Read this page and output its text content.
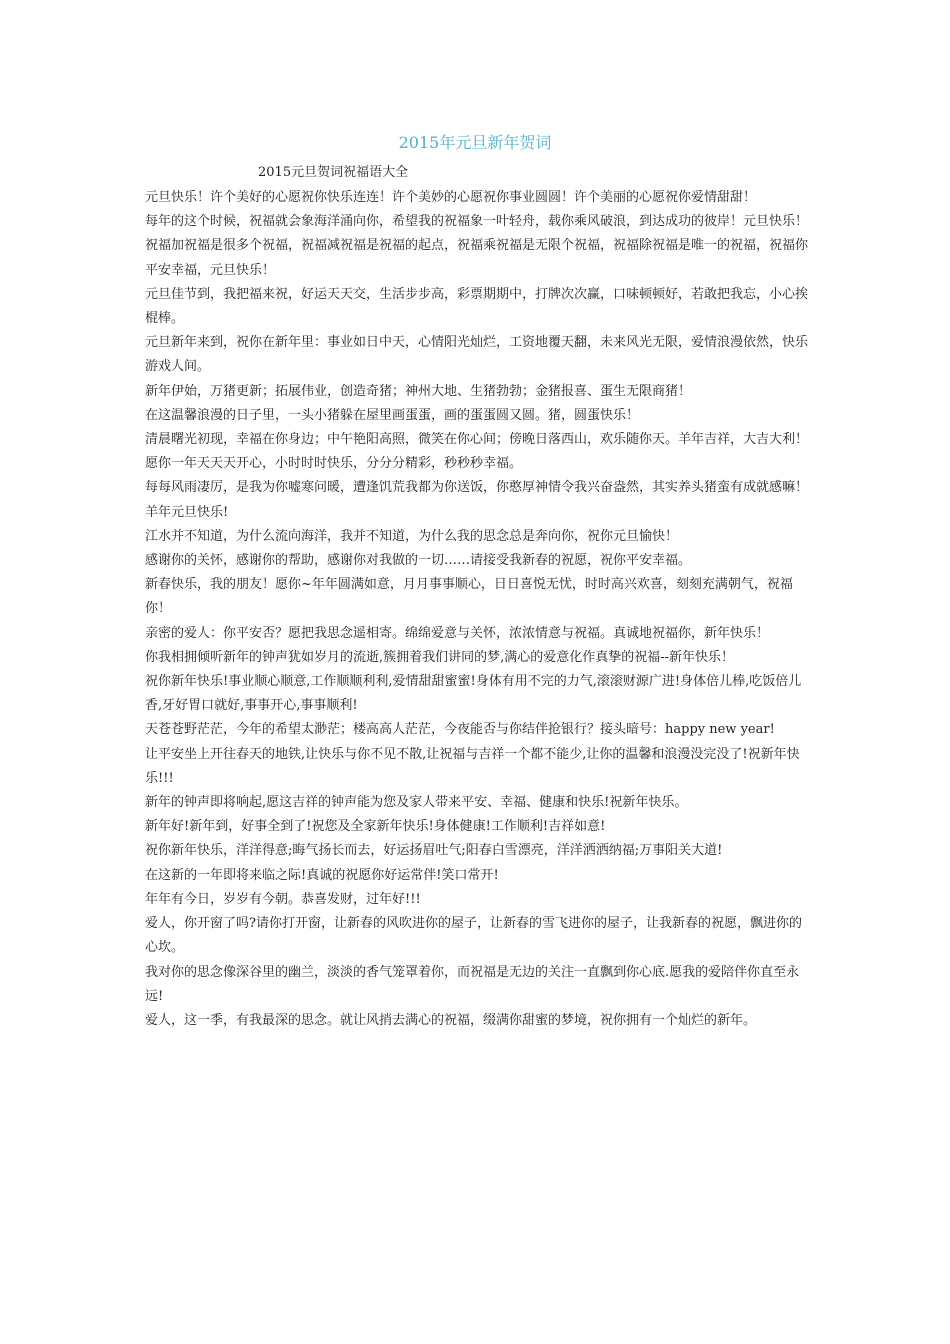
2015年元旦新年贺词
2015元旦贺词祝福语大全

元旦快乐！许个美好的心愿祝你快乐连连！许个美妙的心愿祝你事业圆圆！许个美丽的心愿祝你爱情甜甜！

每年的这个时候，祝福就会象海洋涌向你，希望我的祝福象一叶轻舟，载你乘风破浪，到达成功的彼岸！元旦快乐！

祝福加祝福是很多个祝福，祝福减祝福是祝福的起点，祝福乘祝福是无限个祝福，祝福除祝福是唯一的祝福，祝福你平安幸福，元旦快乐！

元旦佳节到，我把福来祝，好运天天交，生活步步高，彩票期期中，打牌次次赢，口味顿顿好，若敢把我忘，小心挨棍棒。

元旦新年来到，祝你在新年里：事业如日中天，心情阳光灿烂，工资地覆天翻，未来风光无限，爱情浪漫依然，快乐游戏人间。

新年伊始，万猪更新；拓展伟业，创造奇猪；神州大地、生猪勃勃；金猪报喜、蛋生无限商猪！

在这温馨浪漫的日子里，一头小猪躲在屋里画蛋蛋，画的蛋蛋圆又圆。猪，圆蛋快乐！

清晨曙光初现，幸福在你身边；中午艳阳高照，微笑在你心间；傍晚日落西山，欢乐随你天。羊年吉祥，大吉大利！

愿你一年天天天开心，小时时时快乐，分分分精彩，秒秒秒幸福。

每每风雨凄厉，是我为你嘘寒问暖，遭逢饥荒我都为你送饭，你憨厚神情令我兴奋盎然，其实养头猪蛮有成就感嘛！羊年元旦快乐!

江水并不知道，为什么流向海洋，我并不知道，为什么我的思念总是奔向你，祝你元旦愉快！

感谢你的关怀，感谢你的帮助，感谢你对我做的一切……请接受我新春的祝愿，祝你平安幸福。

新春快乐，我的朋友！愿你~年年圆满如意，月月事事顺心，日日喜悦无忧，时时高兴欢喜，刻刻充满朝气，祝福你！

亲密的爱人：你平安否？愿把我思念遥相寄。绵绵爱意与关怀，浓浓情意与祝福。真诚地祝福你，新年快乐！

你我相拥倾听新年的钟声犹如岁月的流逝,簇拥着我们讲同的梦,满心的爱意化作真挚的祝福--新年快乐！

祝你新年快乐!事业顺心顺意,工作顺顺利利,爱情甜甜蜜蜜!身体有用不完的力气,滚滚财源广进!身体倍儿棒,吃饭倍儿香,牙好胃口就好,事事开心,事事顺利!

天苍苍野茫茫，今年的希望太渺茫；楼高高人茫茫，今夜能否与你结伴抢银行？接头暗号：happy new year!

让平安坐上开往春天的地铁,让快乐与你不见不散,让祝福与吉祥一个都不能少,让你的温馨和浪漫没完没了!祝新年快乐!!!

新年的钟声即将响起,愿这吉祥的钟声能为您及家人带来平安、幸福、健康和快乐!祝新年快乐。

新年好!新年到，好事全到了!祝您及全家新年快乐!身体健康!工作顺利!吉祥如意!

祝你新年快乐，洋洋得意;晦气扬长而去，好运扬眉吐气;阳春白雪漂亮，洋洋洒洒纳福;万事阳关大道!

在这新的一年即将来临之际!真诚的祝愿你好运常伴!笑口常开!

年年有今日，岁岁有今朝。恭喜发财，过年好!!!

爱人，你开窗了吗?请你打开窗，让新春的风吹进你的屋子，让新春的雪飞进你的屋子，让我新春的祝愿，飘进你的心坎。

我对你的思念像深谷里的幽兰，淡淡的香气笼罩着你，而祝福是无边的关注一直飘到你心底.愿我的爱陪伴你直至永远!

爱人，这一季，有我最深的思念。就让风捎去满心的祝福，缀满你甜蜜的梦境，祝你拥有一个灿烂的新年。
